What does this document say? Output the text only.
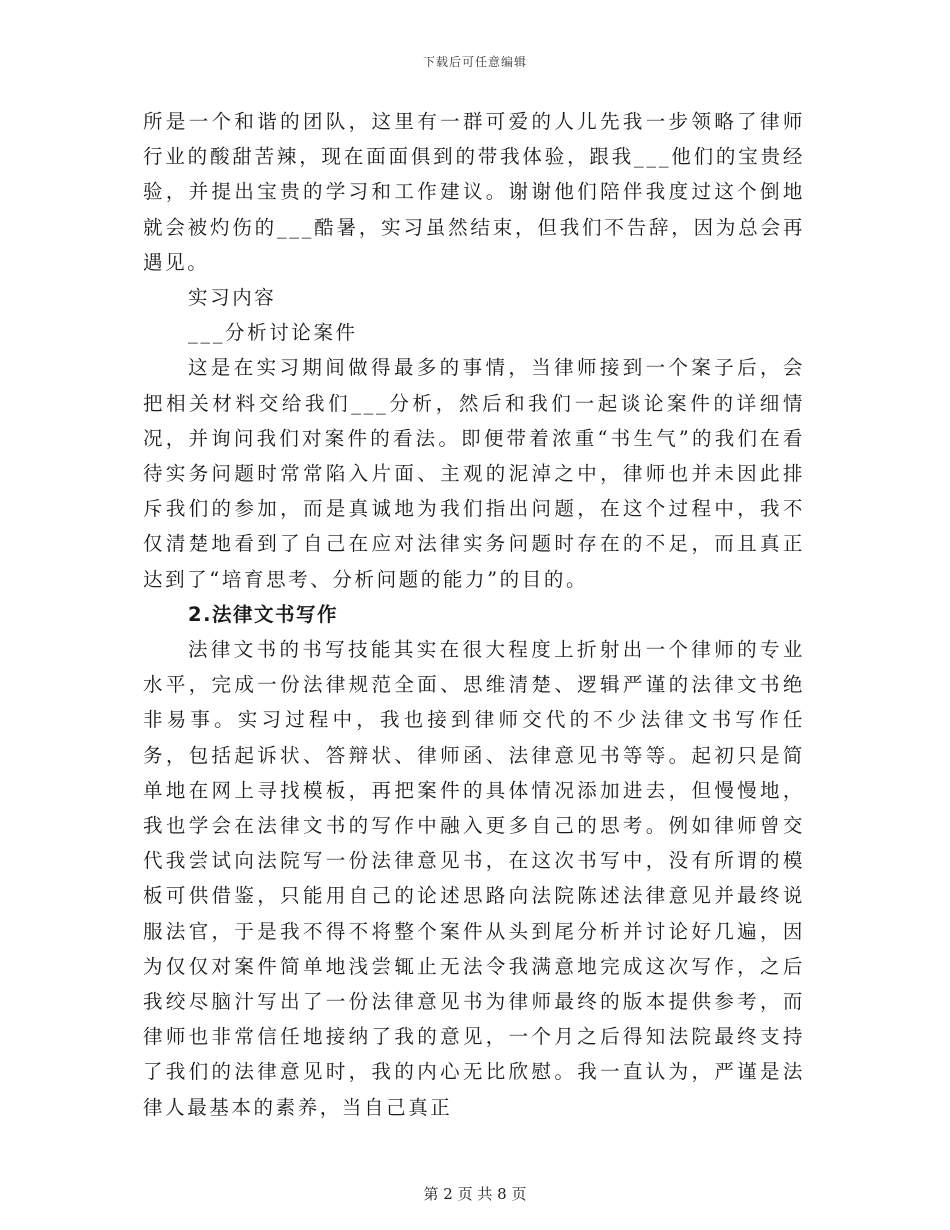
下载后可任意编辑

所是一个和谐的团队，这里有一群可爱的人儿先我一步领略了律师行业的酸甜苦辣，现在面面俱到的带我体验，跟我___他们的宝贵经验，并提出宝贵的学习和工作建议。谢谢他们陪伴我度过这个倒地就会被灼伤的___酷暑，实习虽然结束，但我们不告辞，因为总会再遇见。

实习内容

___分析讨论案件

这是在实习期间做得最多的事情，当律师接到一个案子后，会把相关材料交给我们___分析，然后和我们一起谈论案件的详细情况，并询问我们对案件的看法。即便带着浓重“书生气”的我们在看待实务问题时常常陷入片面、主观的泥淖之中，律师也并未因此排斥我们的参加，而是真诚地为我们指出问题，在这个过程中，我不仅清楚地看到了自己在应对法律实务问题时存在的不足，而且真正达到了“培育思考、分析问题的能力”的目的。

2.法律文书写作

法律文书的书写技能其实在很大程度上折射出一个律师的专业水平，完成一份法律规范全面、思维清楚、逻辑严谨的法律文书绝非易事。实习过程中，我也接到律师交代的不少法律文书写作任务，包括起诉状、答辩状、律师函、法律意见书等等。起初只是简单地在网上寻找模板，再把案件的具体情况添加进去，但慢慢地，我也学会在法律文书的写作中融入更多自己的思考。例如律师曾交代我尝试向法院写一份法律意见书，在这次书写中，没有所谓的模板可供借鉴，只能用自己的论述思路向法院陈述法律意见并最终说服法官，于是我不得不将整个案件从头到尾分析并讨论好几遍，因为仅仅对案件简单地浅尝辄止无法令我满意地完成这次写作，之后我绞尽脑汁写出了一份法律意见书为律师最终的版本提供参考，而律师也非常信任地接纳了我的意见，一个月之后得知法院最终支持了我们的法律意见时，我的内心无比欣慰。我一直认为，严谨是法律人最基本的素养，当自己真正

第 2 页 共 8 页
